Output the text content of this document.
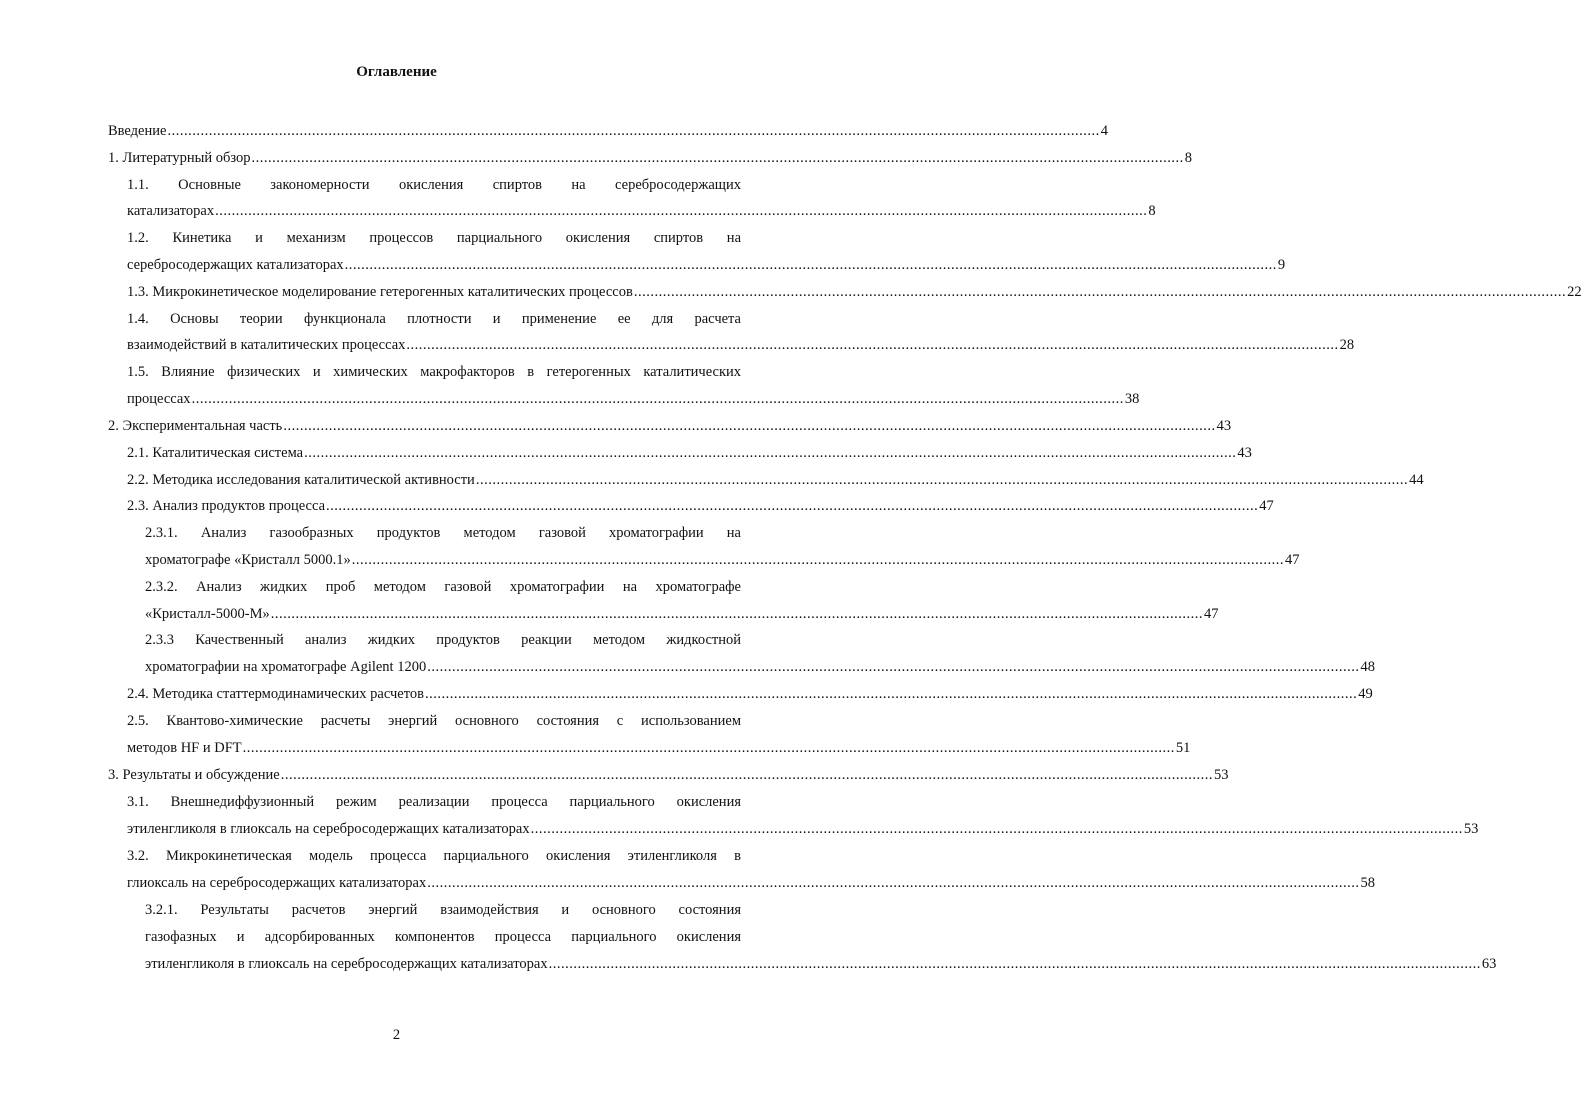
Оглавление
Введение .................................................................................................................................................................................................................................. 4
1. Литературный обзор .................................................................................................................................................................................................................................. 8
1.1. Основные закономерности окисления спиртов на серебросодержащих
катализаторах .................................................................................................................................................................................................................................. 8
1.2. Кинетика и механизм процессов парциального окисления спиртов на
серебросодержащих катализаторах .................................................................................................................................................................................................................................. 9
1.3. Микрокинетическое моделирование гетерогенных каталитических процессов .................................................................................................................................................................................................................................. 22
1.4. Основы теории функционала плотности и применение ее для расчета
взаимодействий в каталитических процессах .................................................................................................................................................................................................................................. 28
1.5. Влияние физических и химических макрофакторов в гетерогенных каталитических
процессах .................................................................................................................................................................................................................................. 38
2. Экспериментальная часть .................................................................................................................................................................................................................................. 43
2.1. Каталитическая система .................................................................................................................................................................................................................................. 43
2.2. Методика исследования каталитической активности .................................................................................................................................................................................................................................. 44
2.3. Анализ продуктов процесса .................................................................................................................................................................................................................................. 47
2.3.1. Анализ газообразных продуктов методом газовой хроматографии на
хроматографе «Кристалл 5000.1» .................................................................................................................................................................................................................................. 47
2.3.2. Анализ жидких проб методом газовой хроматографии на хроматографе
«Кристалл-5000-М» .................................................................................................................................................................................................................................. 47
2.3.3 Качественный анализ жидких продуктов реакции методом жидкостной
хроматографии на хроматографе Agilent 1200 .................................................................................................................................................................................................................................. 48
2.4. Методика статтермодинамических расчетов .................................................................................................................................................................................................................................. 49
2.5. Квантово-химические расчеты энергий основного состояния с использованием
методов HF и DFT .................................................................................................................................................................................................................................. 51
3. Результаты и обсуждение .................................................................................................................................................................................................................................. 53
3.1. Внешнедиффузионный режим реализации процесса парциального окисления
этиленгликоля в глиоксаль на серебросодержащих катализаторах .................................................................................................................................................................................................................................. 53
3.2. Микрокинетическая модель процесса парциального окисления этиленгликоля в
глиоксаль на серебросодержащих катализаторах .................................................................................................................................................................................................................................. 58
3.2.1. Результаты расчетов энергий взаимодействия и основного состояния
газофазных и адсорбированных компонентов процесса парциального окисления
этиленгликоля в глиоксаль на серебросодержащих катализаторах .................................................................................................................................................................................................................................. 63
2
